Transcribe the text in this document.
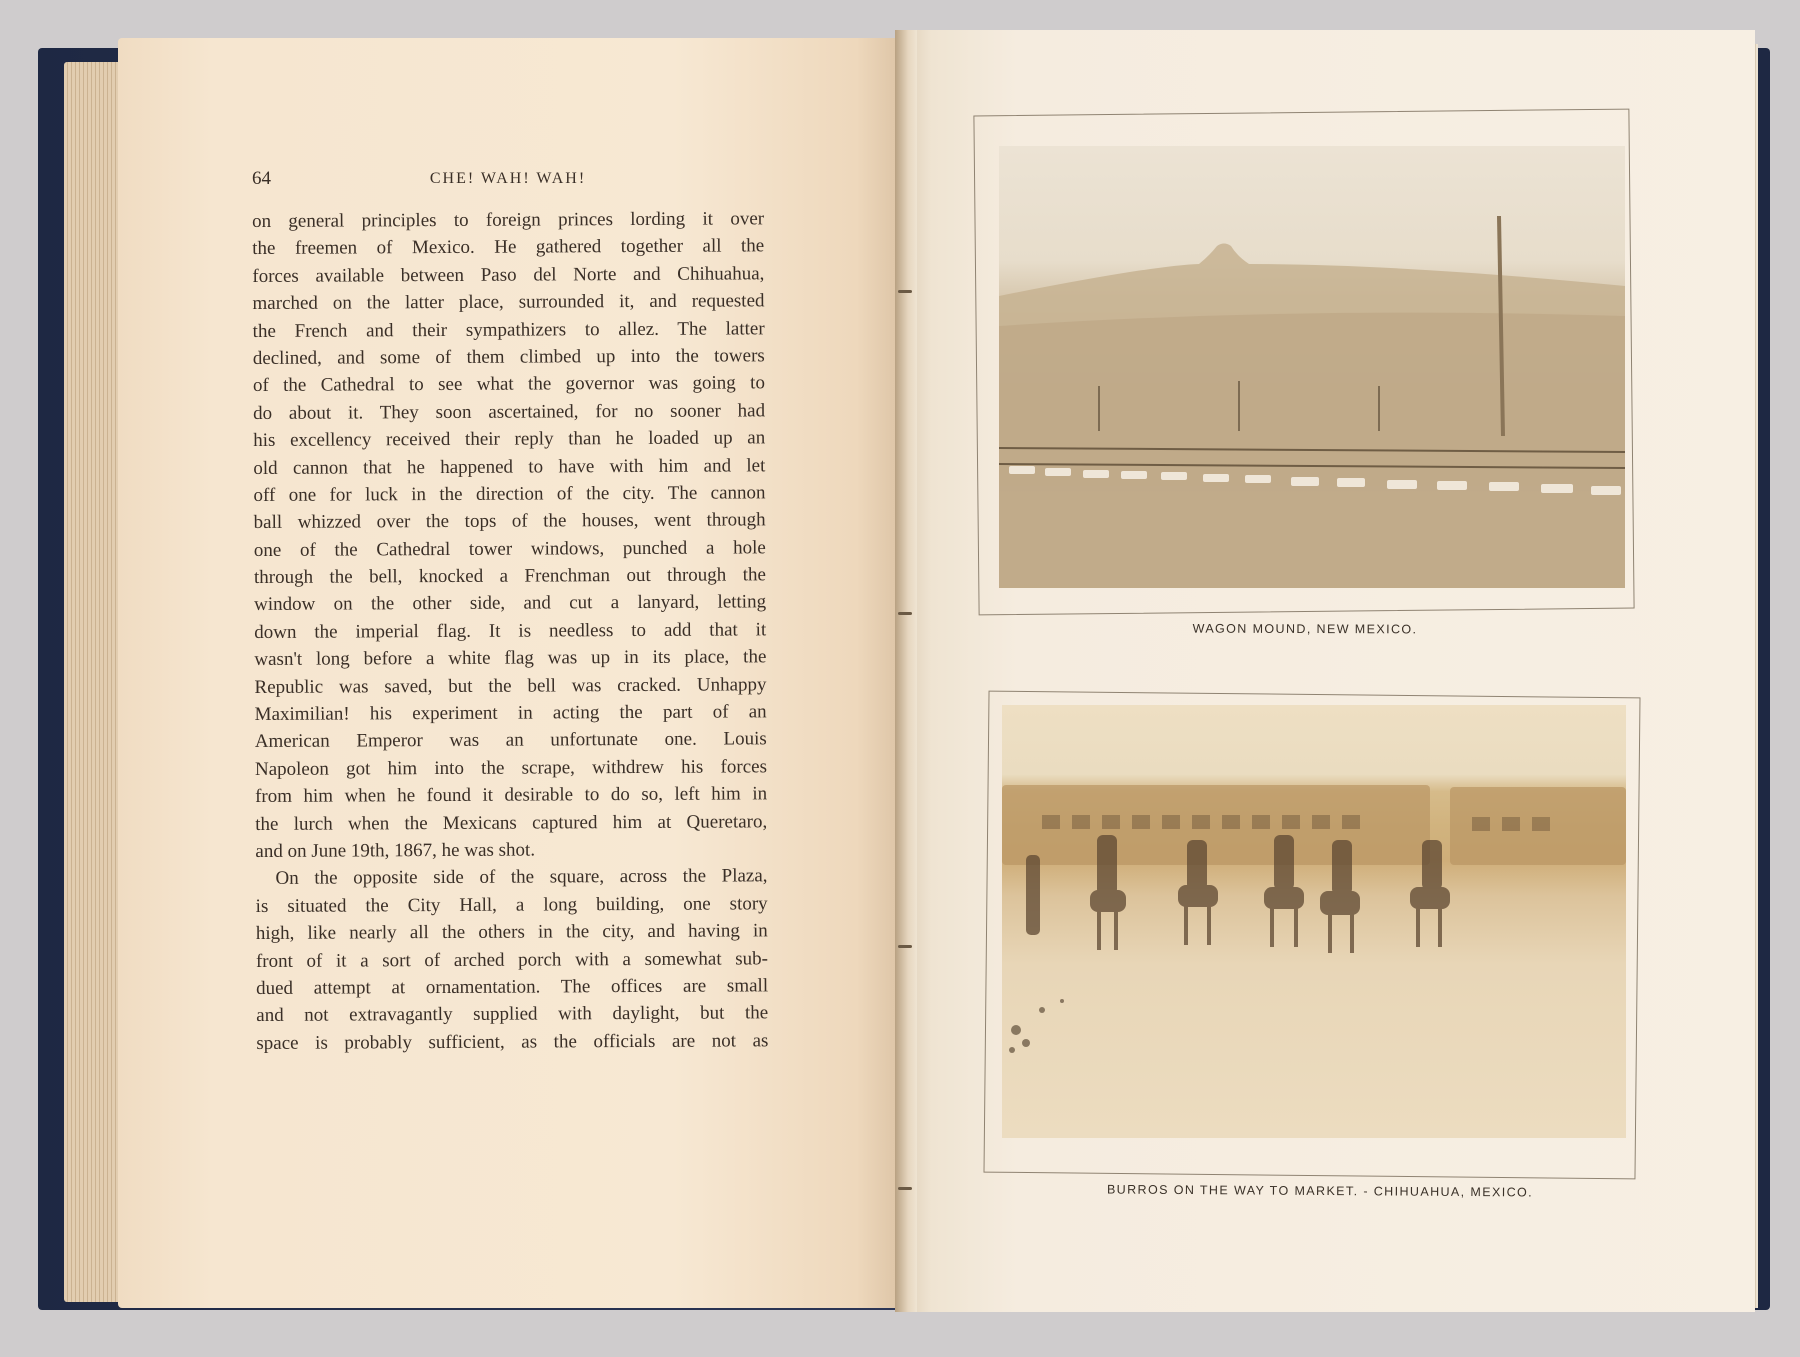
64	CHE! WAH! WAH!
on general principles to foreign princes lording it over
the freemen of Mexico. He gathered together all the
forces available between Paso del Norte and Chihuahua,
marched on the latter place, surrounded it, and requested
the French and their sympathizers to allez. The latter
declined, and some of them climbed up into the towers
of the Cathedral to see what the governor was going to
do about it. They soon ascertained, for no sooner had
his excellency received their reply than he loaded up an
old cannon that he happened to have with him and let
off one for luck in the direction of the city. The cannon
ball whizzed over the tops of the houses, went through
one of the Cathedral tower windows, punched a hole
through the bell, knocked a Frenchman out through the
window on the other side, and cut a lanyard, letting
down the imperial flag. It is needless to add that it
wasn't long before a white flag was up in its place, the
Republic was saved, but the bell was cracked. Unhappy
Maximilian! his experiment in acting the part of an
American Emperor was an unfortunate one. Louis
Napoleon got him into the scrape, withdrew his forces
from him when he found it desirable to do so, left him in
the lurch when the Mexicans captured him at Queretaro,
and on June 19th, 1867, he was shot.
On the opposite side of the square, across the Plaza,
is situated the City Hall, a long building, one story
high, like nearly all the others in the city, and having in
front of it a sort of arched porch with a somewhat sub-
dued attempt at ornamentation. The offices are small
and not extravagantly supplied with daylight, but the
space is probably sufficient, as the officials are not as
WAGON MOUND, NEW MEXICO.
BURROS ON THE WAY TO MARKET. - CHIHUAHUA, MEXICO.
